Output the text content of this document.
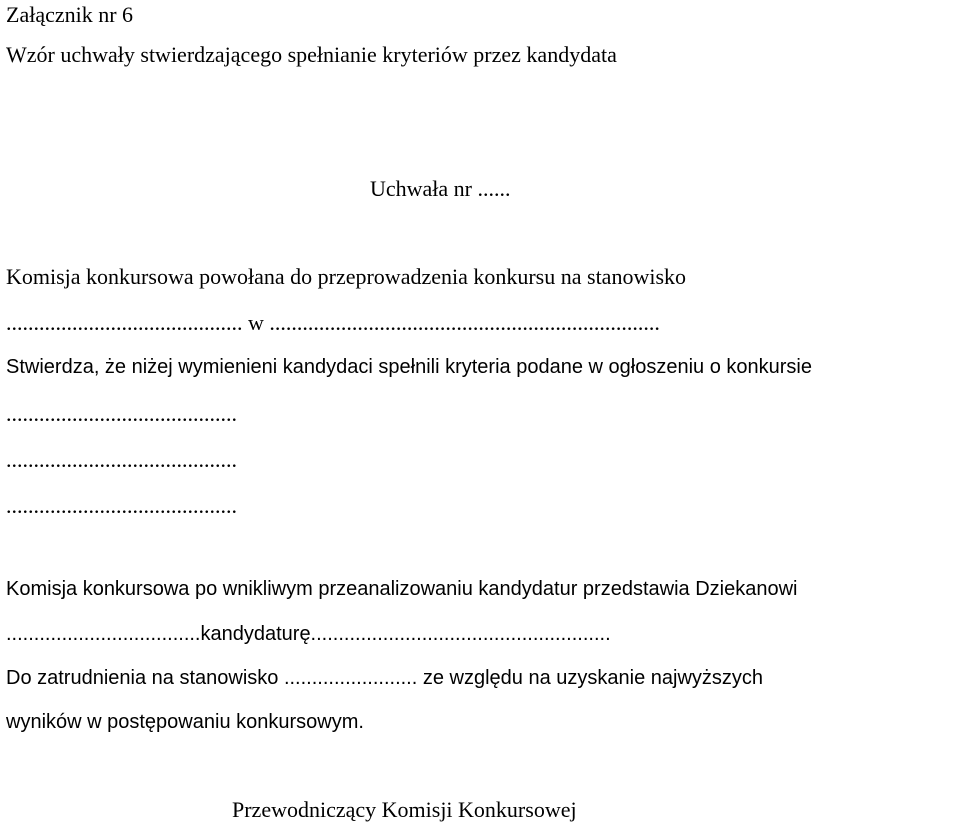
Załącznik nr 6
Wzór uchwały stwierdzającego spełnianie kryteriów przez kandydata
Uchwała nr ......
Komisja konkursowa powołana do przeprowadzenia konkursu na stanowisko
........................................... w .......................................................................
Stwierdza, że niżej wymienieni kandydaci spełnili kryteria podane w ogłoszeniu o konkursie
..........................................
..........................................
..........................................
Komisja konkursowa po wnikliwym przeanalizowaniu kandydatur przedstawia Dziekanowi
...................................kandydaturę......................................................
Do zatrudnienia na stanowisko ........................ ze względu na uzyskanie najwyższych
wyników w postępowaniu konkursowym.
Przewodniczący Komisji Konkursowej
